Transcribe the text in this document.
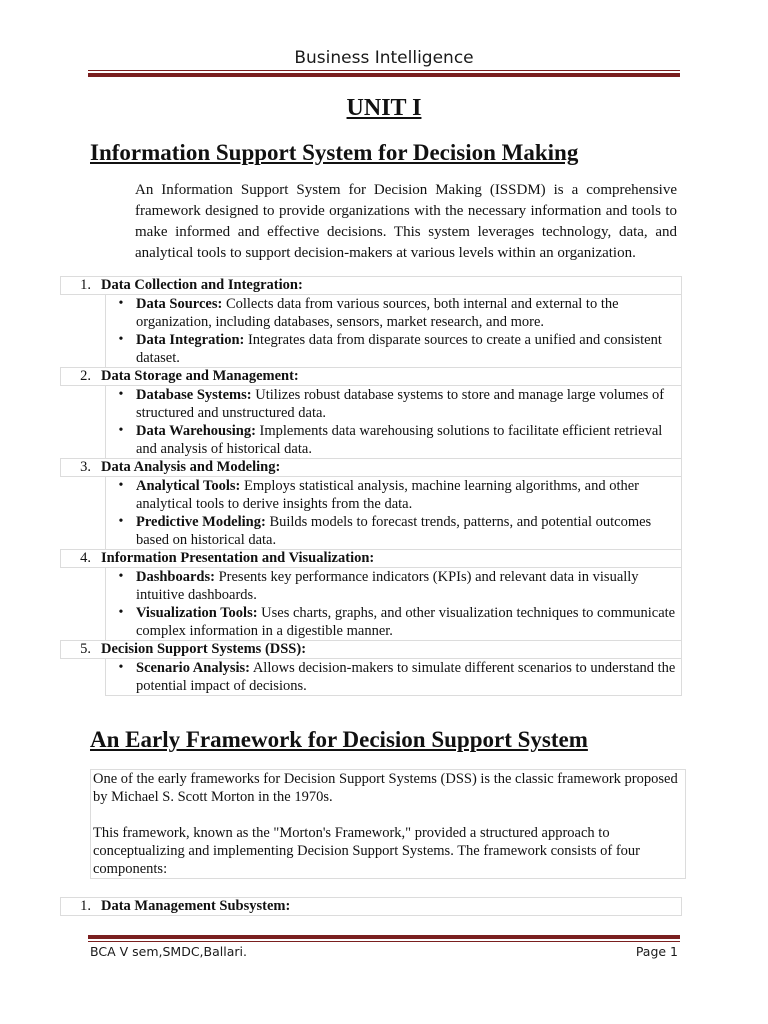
Business Intelligence
UNIT I
Information Support System for Decision Making
An Information Support System for Decision Making (ISSDM) is a comprehensive framework designed to provide organizations with the necessary information and tools to make informed and effective decisions. This system leverages technology, data, and analytical tools to support decision-makers at various levels within an organization.
1. Data Collection and Integration:
• Data Sources: Collects data from various sources, both internal and external to the organization, including databases, sensors, market research, and more.
• Data Integration: Integrates data from disparate sources to create a unified and consistent dataset.
2. Data Storage and Management:
• Database Systems: Utilizes robust database systems to store and manage large volumes of structured and unstructured data.
• Data Warehousing: Implements data warehousing solutions to facilitate efficient retrieval and analysis of historical data.
3. Data Analysis and Modeling:
• Analytical Tools: Employs statistical analysis, machine learning algorithms, and other analytical tools to derive insights from the data.
• Predictive Modeling: Builds models to forecast trends, patterns, and potential outcomes based on historical data.
4. Information Presentation and Visualization:
• Dashboards: Presents key performance indicators (KPIs) and relevant data in visually intuitive dashboards.
• Visualization Tools: Uses charts, graphs, and other visualization techniques to communicate complex information in a digestible manner.
5. Decision Support Systems (DSS):
• Scenario Analysis: Allows decision-makers to simulate different scenarios to understand the potential impact of decisions.
An Early Framework for Decision Support System

One of the early frameworks for Decision Support Systems (DSS) is the classic framework proposed by Michael S. Scott Morton in the 1970s.

This framework, known as the "Morton's Framework," provided a structured approach to conceptualizing and implementing Decision Support Systems. The framework consists of four components:

1. Data Management Subsystem:
BCA V sem,SMDC,Ballari.	Page 1
